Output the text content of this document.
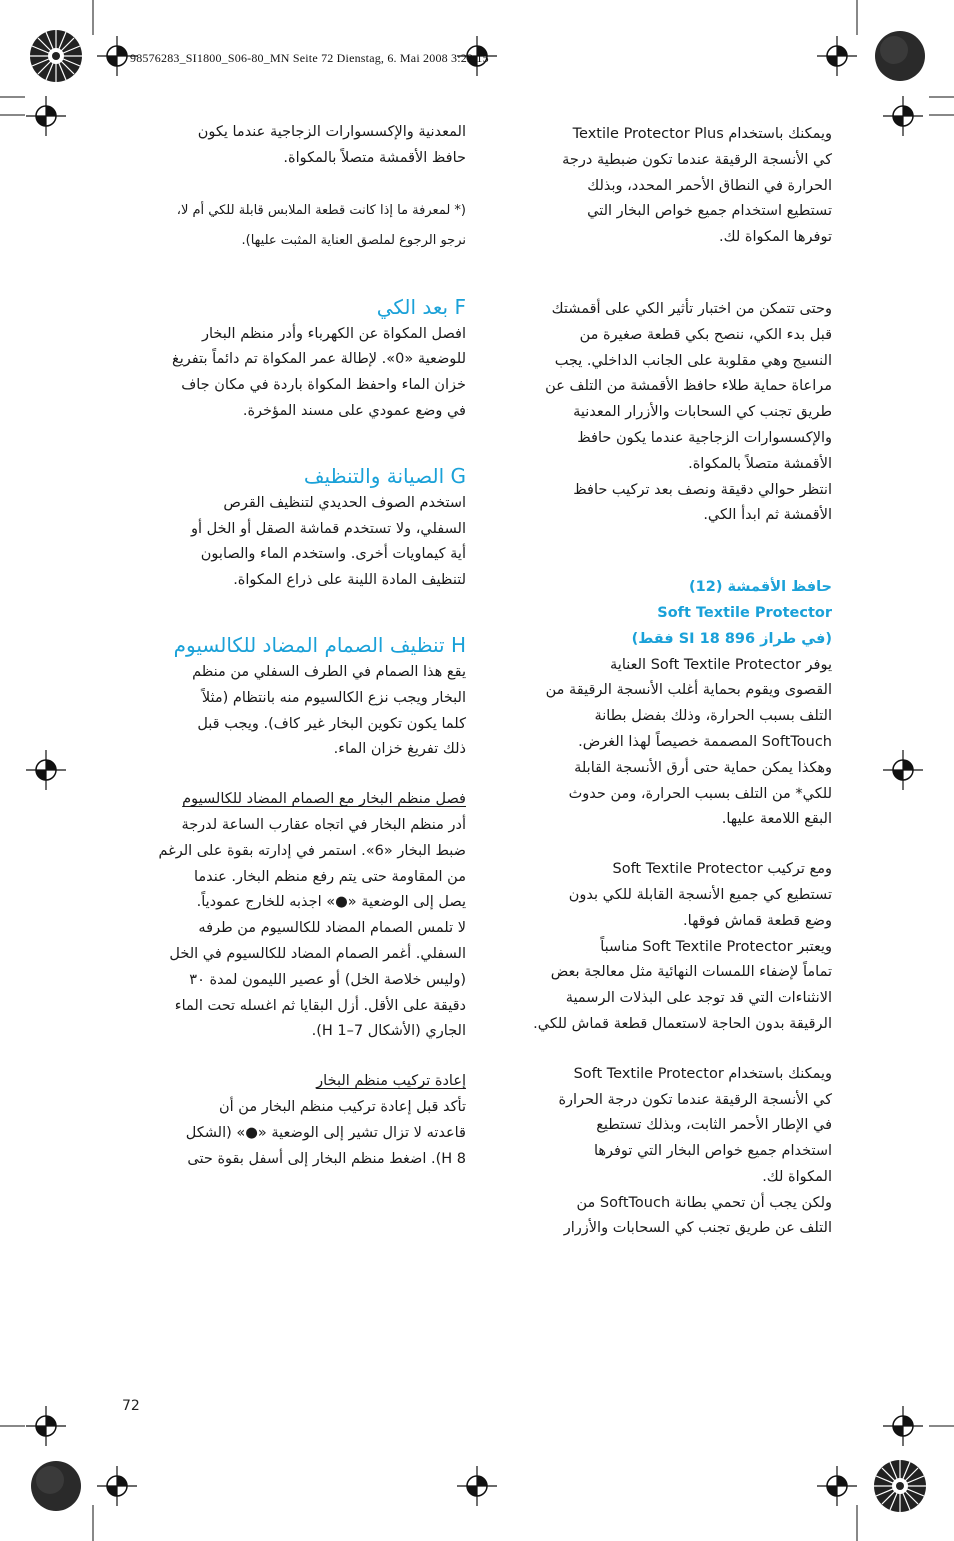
98576283_SI1800_S06-80_MN Seite 72 Dienstag, 6. Mai 2008 3:22 15

ويمكنك باستخدام Textile Protector Plus
كي الأنسجة الرقيقة عندما تكون ضبطية درجة
الحرارة في النطاق الأحمر المحدد، وبذلك
تستطيع استخدام جميع خواص البخار التي
توفرها المكواة لك.

وحتى تتمكن من اختبار تأثير الكي على أقمشتك
قبل بدء الكي، ننصح بكي قطعة صغيرة من
النسيج وهي مقلوبة على الجانب الداخلي. يجب
مراعاة حماية طلاء حافظ الأقمشة من التلف عن
طريق تجنب كي السحابات والأزرار المعدنية
والإكسسوارات الزجاجية عندما يكون حافظ
الأقمشة متصلاً بالمكواة.

انتظر حوالي دقيقة ونصف بعد تركيب حافظ
الأقمشة ثم ابدأ الكي.

حافظ الأقمشة (12)

Soft Textile Protector

(في طراز SI 18 896 فقط)

يوفر Soft Textile Protector العناية
القصوى ويقوم بحماية أغلب الأنسجة الرقيقة من
التلف بسبب الحرارة، وذلك بفضل بطانة
SoftTouch المصممة خصيصاً لهذا الغرض.
وهكذا يمكن حماية حتى أرق الأنسجة القابلة
للكي* من التلف بسبب الحرارة، ومن حدوث
البقع اللامعة عليها.

ومع تركيب Soft Textile Protector
تستطيع كي جميع الأنسجة القابلة للكي بدون
وضع قطعة قماش فوقها.

ويعتبر Soft Textile Protector مناسباً
تماماً لإضفاء اللمسات النهائية مثل معالجة بعض
الانثناءات التي قد توجد على البذلات الرسمية
الرقيقة بدون الحاجة لاستعمال قطعة قماش للكي.

ويمكنك باستخدام Soft Textile Protector
كي الأنسجة الرقيقة عندما تكون درجة الحرارة
في الإطار الأحمر الثابت، وبذلك تستطيع
استخدام جميع خواص البخار التي توفرها
المكواة لك.

ولكن يجب أن تحمي بطانة SoftTouch من
التلف عن طريق تجنب كي السحابات والأزرار

المعدنية والإكسسوارات الزجاجية عندما يكون
حافظ الأقمشة متصلاً بالمكواة.

(* لمعرفة ما إذا كانت قطعة الملابس قابلة للكي أم لا،
نرجو الرجوع لملصق العناية المثبت عليها).

F بعد الكي

افصل المكواة عن الكهرباء وأدر منظم البخار
للوضعية «0». لإطالة عمر المكواة تم دائماً بتفريغ
خزان الماء واحفظ المكواة باردة في مكان جاف
في وضع عمودي على مسند المؤخرة.

G الصيانة والتنظيف

استخدم الصوف الحديدي لتنظيف القرص
السفلي، ولا تستخدم قماشة الصقل أو الخل أو
أية كيماويات أخرى. واستخدم الماء والصابون
لتنظيف المادة اللينة على ذراع المكواة.

H تنظيف الصمام المضاد للكالسيوم

يقع هذا الصمام في الطرف السفلي من منظم
البخار ويجب نزع الكالسيوم منه بانتظام (مثلاً
كلما يكون تكوين البخار غير كاف). ويجب قبل
ذلك تفريغ خزان الماء.

فصل منظم البخار مع الصمام المضاد للكالسيوم

أدر منظم البخار في اتجاه عقارب الساعة لدرجة
ضبط البخار «6». استمر في إدارته بقوة على الرغم
من المقاومة حتى يتم رفع منظم البخار. عندما
يصل إلى الوضعية «●» اجذبه للخارج عمودياً.
لا تلمس الصمام المضاد للكالسيوم من طرفه
السفلي. أغمر الصمام المضاد للكالسيوم في الخل
(وليس خلاصة الخل) أو عصير الليمون لمدة ٣٠
دقيقة على الأقل. أزل البقايا ثم اغسله تحت الماء
الجاري (الأشكال H 1–7).

إعادة تركيب منظم البخار

تأكد قبل إعادة تركيب منظم البخار من أن
قاعدته لا تزال تشير إلى الوضعية «●» (الشكل
H 8). اضغط منظم البخار إلى أسفل بقوة حتى

72
